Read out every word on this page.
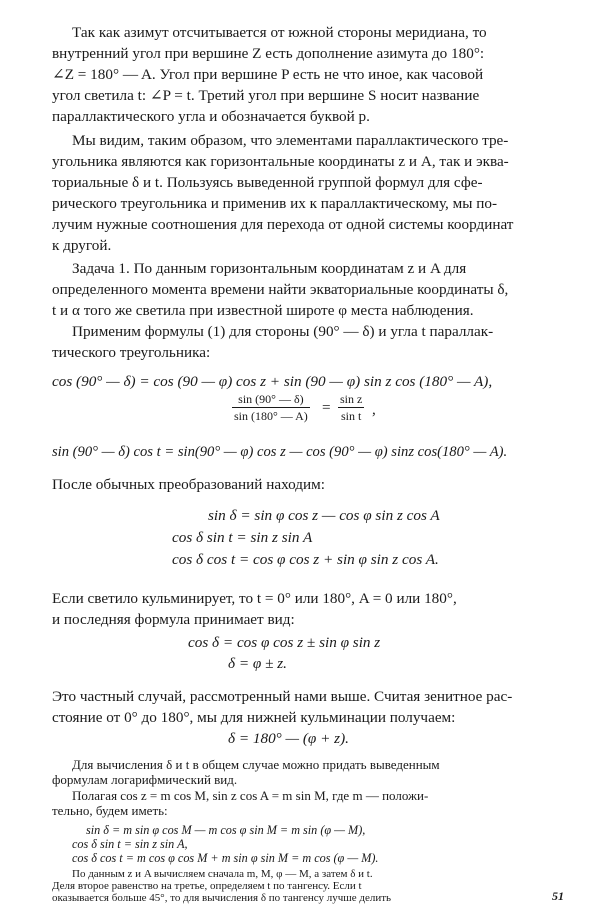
Так как азимут отсчитывается от южной стороны меридиана, то
внутренний угол при вершине Z есть дополнение азимута до 180°:
∠Z = 180° — A. Угол при вершине P есть не что иное, как часовой
угол светила t: ∠P = t. Третий угол при вершине S носит название
параллактического угла и обозначается буквой p.
Мы видим, таким образом, что элементами параллактического тре-
угольника являются как горизонтальные координаты z и A, так и эква-
ториальные δ и t. Пользуясь выведенной группой формул для сфе-
рического треугольника и применив их к параллактическому, мы по-
лучим нужные соотношения для перехода от одной системы координат
к другой.
Задача 1. По данным горизонтальным координатам z и A для
определенного момента времени найти экваториальные координаты δ,
t и α того же светила при известной широте φ места наблюдения.
Применим формулы (1) для стороны (90° — δ) и угла t параллак-
тического треугольника:
cos (90° — δ) = cos (90 — φ) cos z + sin (90 — φ) sin z cos (180° — A),
sin (90° — δ)
sin (180° — A) = sin z
sin t ,
sin (90° — δ) cos t = sin(90° — φ) cos z — cos (90° — φ) sinz cos(180° — A).
После обычных преобразований находим:
sin δ = sin φ cos z — cos φ sin z cos A
cos δ sin t = sin z sin A
cos δ cos t = cos φ cos z + sin φ sin z cos A.
Если светило кульминирует, то t = 0° или 180°, A = 0 или 180°,
и последняя формула принимает вид:
cos δ = cos φ cos z ± sin φ sin z
δ = φ ± z.
Это частный случай, рассмотренный нами выше. Считая зенитное рас-
стояние от 0° до 180°, мы для нижней кульминации получаем:
δ = 180° — (φ + z).
Для вычисления δ и t в общем случае можно придать выведенным
формулам логарифмический вид.
Полагая cos z = m cos M, sin z cos A = m sin M, где m — положи-
тельно, будем иметь:
51
sin δ = m sin φ cos M — m cos φ sin M = m sin (φ — M),
cos δ sin t = sin z sin A,
cos δ cos t = m cos φ cos M + m sin φ sin M = m cos (φ — M).
По данным z и A вычисляем сначала m, M, φ — M, а затем δ и t.
Деля второе равенство на третье, определяем t по тангенсу. Если t
оказывается больше 45°, то для вычисления δ по тангенсу лучше делить
